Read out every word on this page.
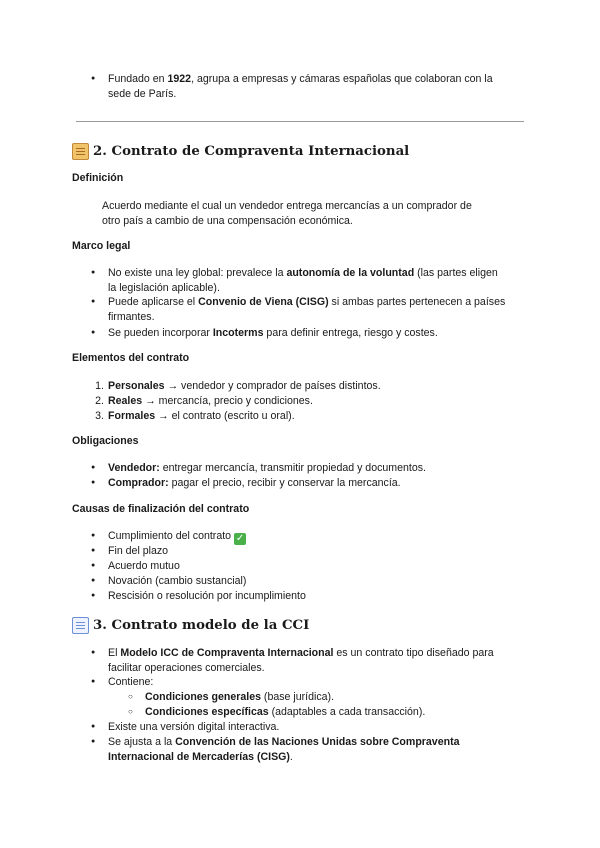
● Fundado en 1922, agrupa a empresas y cámaras españolas que colaboran con la
sede de París.
2. Contrato de Compraventa Internacional
Definición
Acuerdo mediante el cual un vendedor entrega mercancías a un comprador de
otro país a cambio de una compensación económica.
Marco legal
● No existe una ley global: prevalece la autonomía de la voluntad (las partes eligen
la legislación aplicable).
● Puede aplicarse el Convenio de Viena (CISG) si ambas partes pertenecen a países
firmantes.
● Se pueden incorporar Incoterms para definir entrega, riesgo y costes.
Elementos del contrato
1. Personales → vendedor y comprador de países distintos.
2. Reales → mercancía, precio y condiciones.
3. Formales → el contrato (escrito u oral).
Obligaciones
● Vendedor: entregar mercancía, transmitir propiedad y documentos.
● Comprador: pagar el precio, recibir y conservar la mercancía.
Causas de finalización del contrato
● Cumplimiento del contrato ✓
● Fin del plazo
● Acuerdo mutuo
● Novación (cambio sustancial)
● Rescisión o resolución por incumplimiento
3. Contrato modelo de la CCI
● El Modelo ICC de Compraventa Internacional es un contrato tipo diseñado para
facilitar operaciones comerciales.
● Contiene:
○ Condiciones generales (base jurídica).
○ Condiciones específicas (adaptables a cada transacción).
● Existe una versión digital interactiva.
● Se ajusta a la Convención de las Naciones Unidas sobre Compraventa
Internacional de Mercaderías (CISG).
